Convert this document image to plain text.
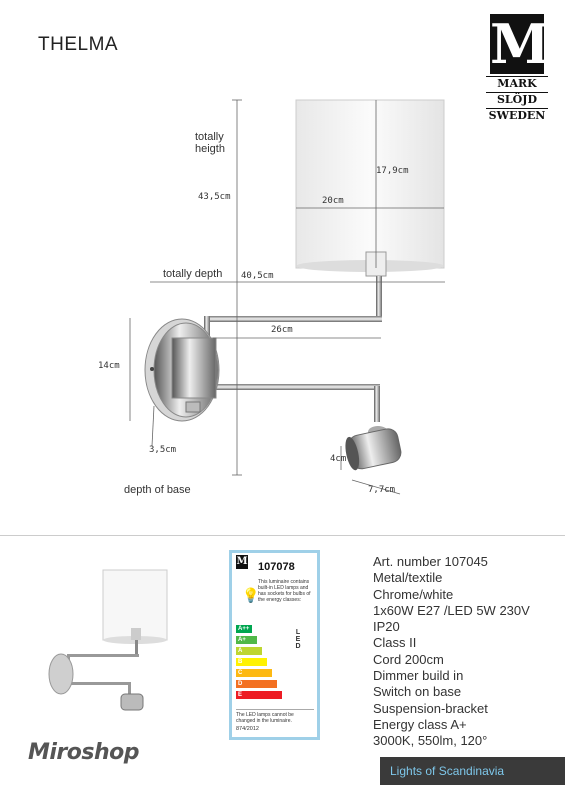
THELMA	M
MARK
SLÖJD
SWEDEN
totally
heigth
43,5cm
17,9cm
20cm
totally depth 40,5cm
26cm
14cm
3,5cm
4cm
7,7cm
depth of base
M 107078
This luminaire contains built-in LED lamps and has sockets for bulbs of the energy classes:
💡
A++
A+
A
B
C
D
E
LED
The LED lamps cannot be changed in the luminaire.
874/2012
Art. number 107045
Metal/textile
Chrome/white
1x60W E27 /LED 5W 230V
IP20
Class II
Cord 200cm
Dimmer build in
Switch on base
Suspension-bracket
Energy class A+
3000K, 550lm, 120°
Miroshop
Lights of Scandinavia
